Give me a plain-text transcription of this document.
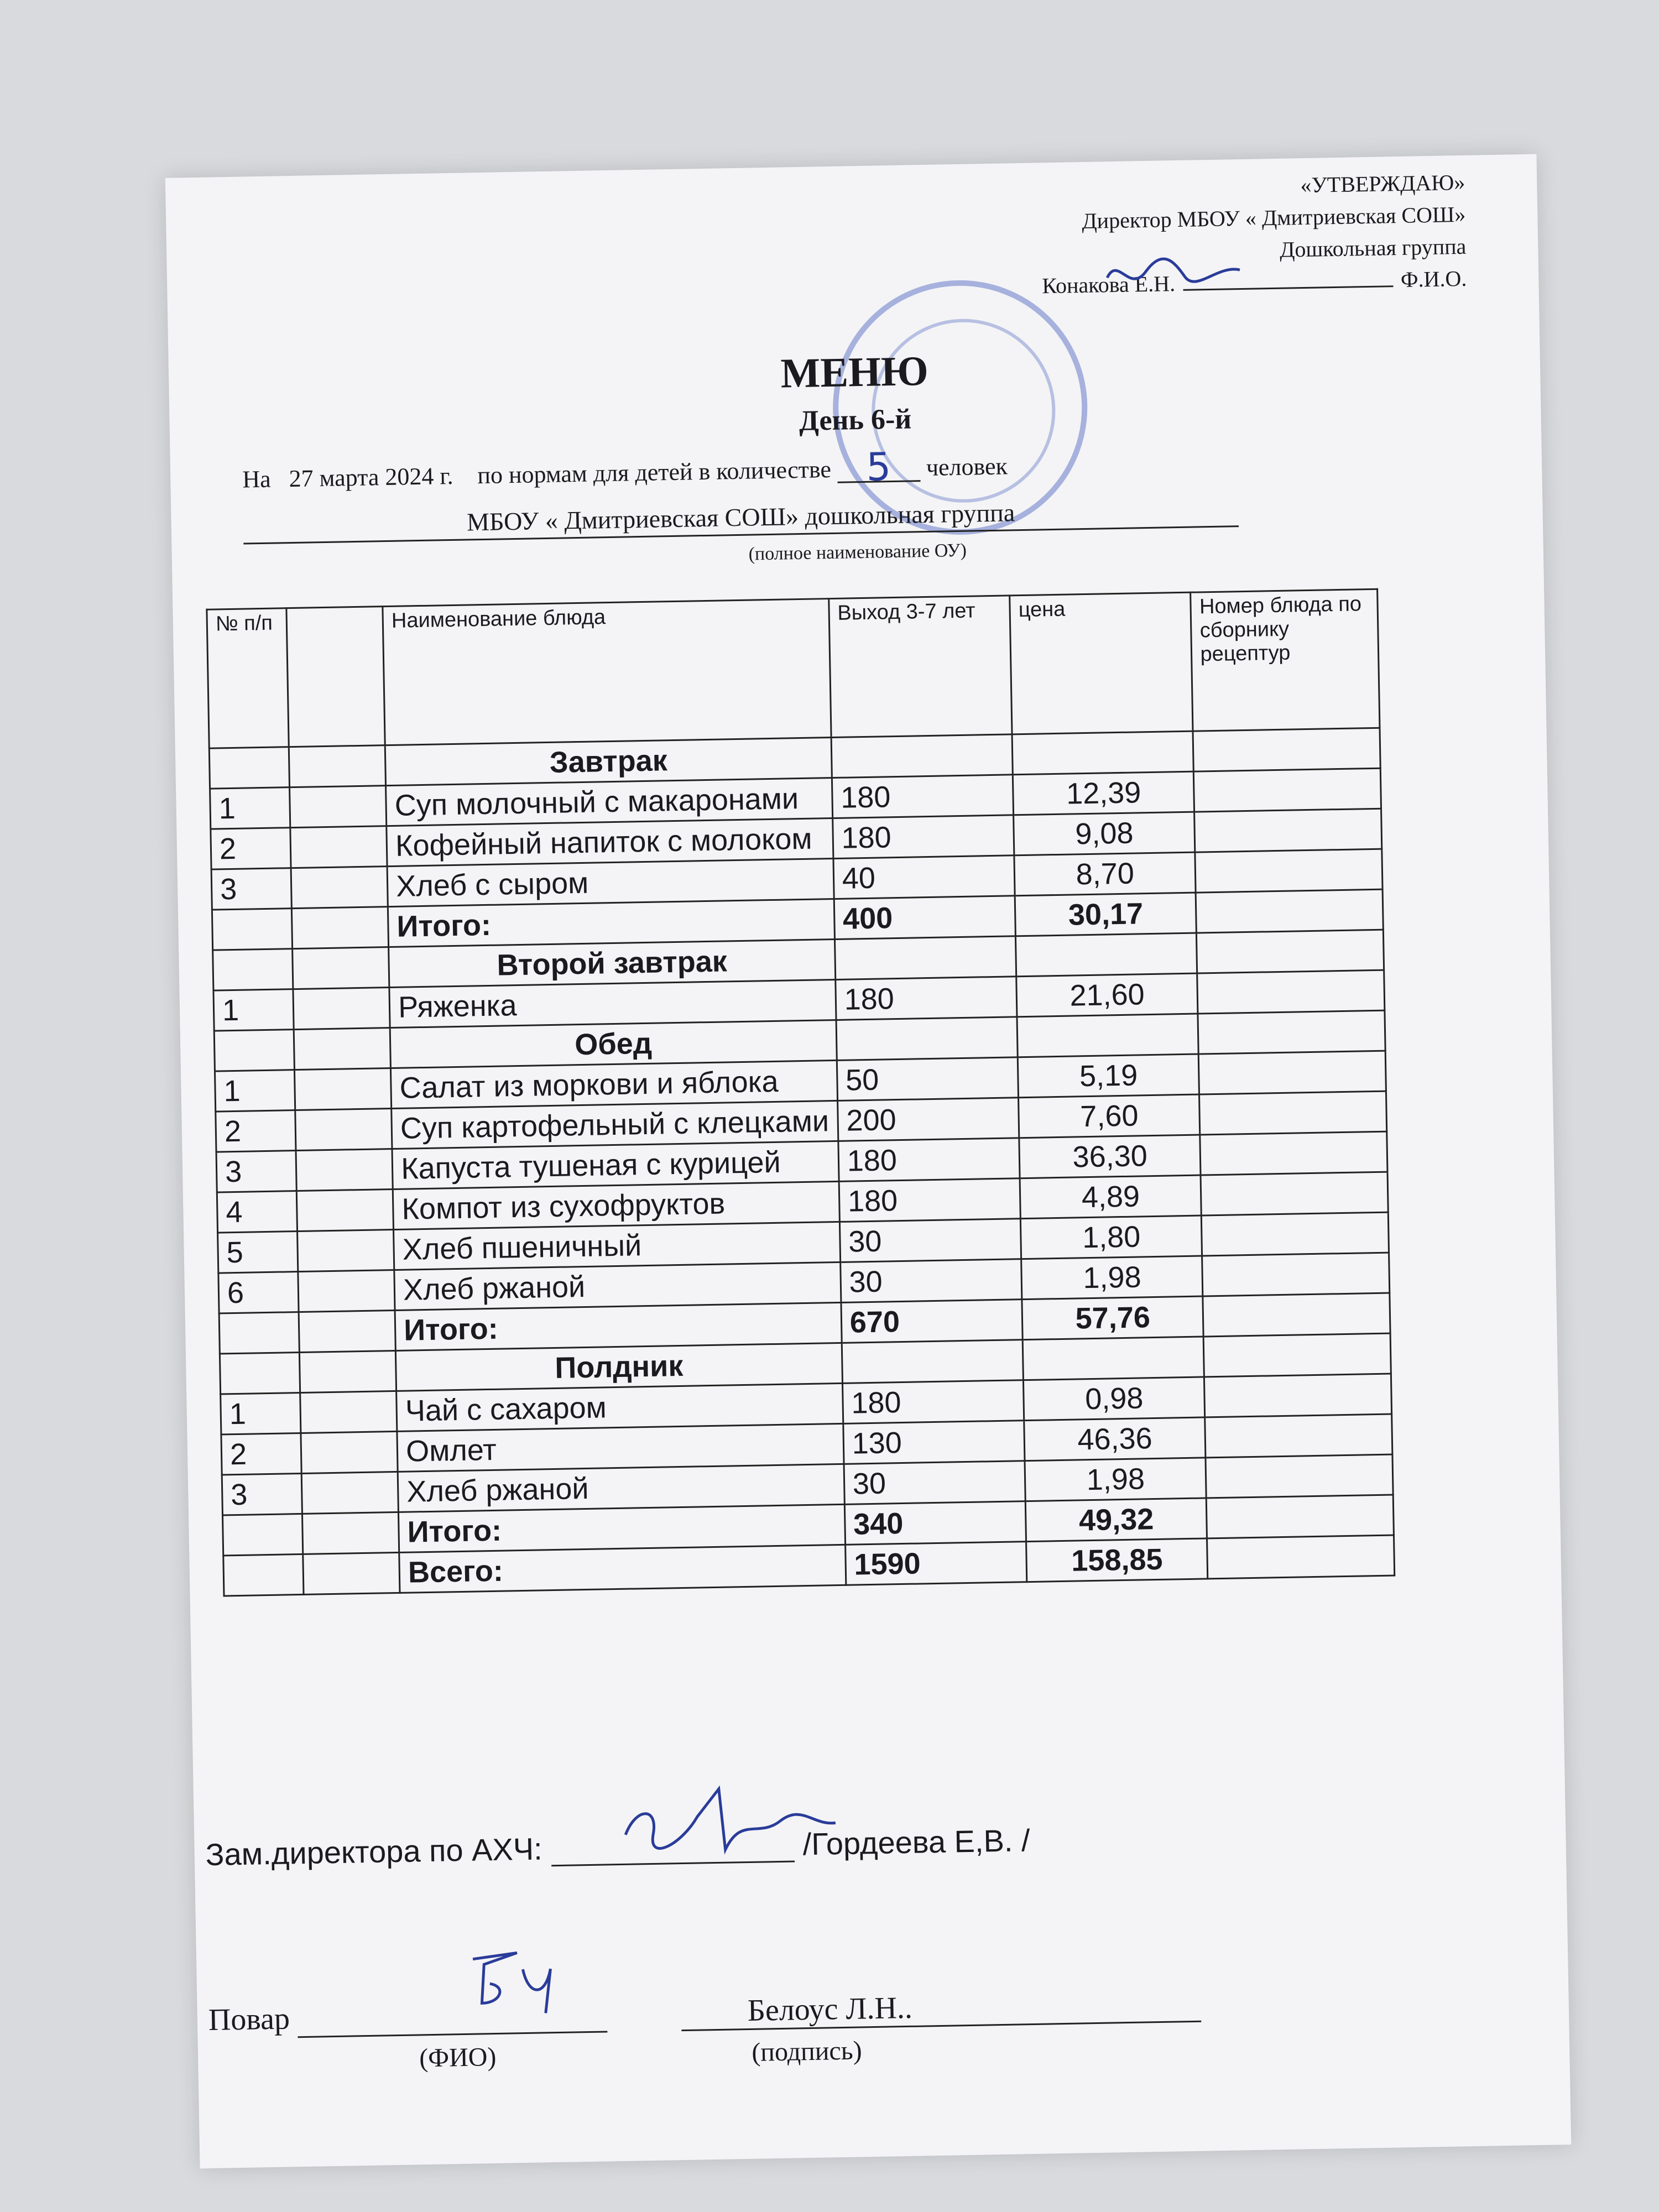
«УТВЕРЖДАЮ»
Директор МБОУ « Дмитриевская СОШ»
Дошкольная группа
Конакова Е.Н.	Ф.И.О.
МЕНЮ
День 6-й
На 27 марта 2024 г. по нормам для детей в количестве 5 человек
МБОУ « Дмитриевская СОШ» дошкольная группа
(полное наименование ОУ)
№ п/п		Наименование блюда	Выход 3-7 лет	цена	Номер блюда по сборнику рецептур
		Завтрак			
1		Суп молочный с макаронами	180	12,39	
2		Кофейный напиток с молоком	180	9,08	
3		Хлеб с сыром	40	8,70	
		Итого:	400	30,17	
		Второй завтрак			
1		Ряженка	180	21,60	
		Обед			
1		Салат из моркови и яблока	50	5,19	
2		Суп картофельный с клецками	200	7,60	
3		Капуста тушеная с курицей	180	36,30	
4		Компот из сухофруктов	180	4,89	
5		Хлеб пшеничный	30	1,80	
6		Хлеб ржаной	30	1,98	
		Итого:	670	57,76	
		Полдник			
1		Чай с сахаром	180	0,98	
2		Омлет	130	46,36	
3		Хлеб ржаной	30	1,98	
		Итого:	340	49,32	
		Всего:	1590	158,85	
Зам.директора по АХЧ:	/Гордеева Е,В. /
Повар	Белоус Л.Н..
(ФИО)	(подпись)
